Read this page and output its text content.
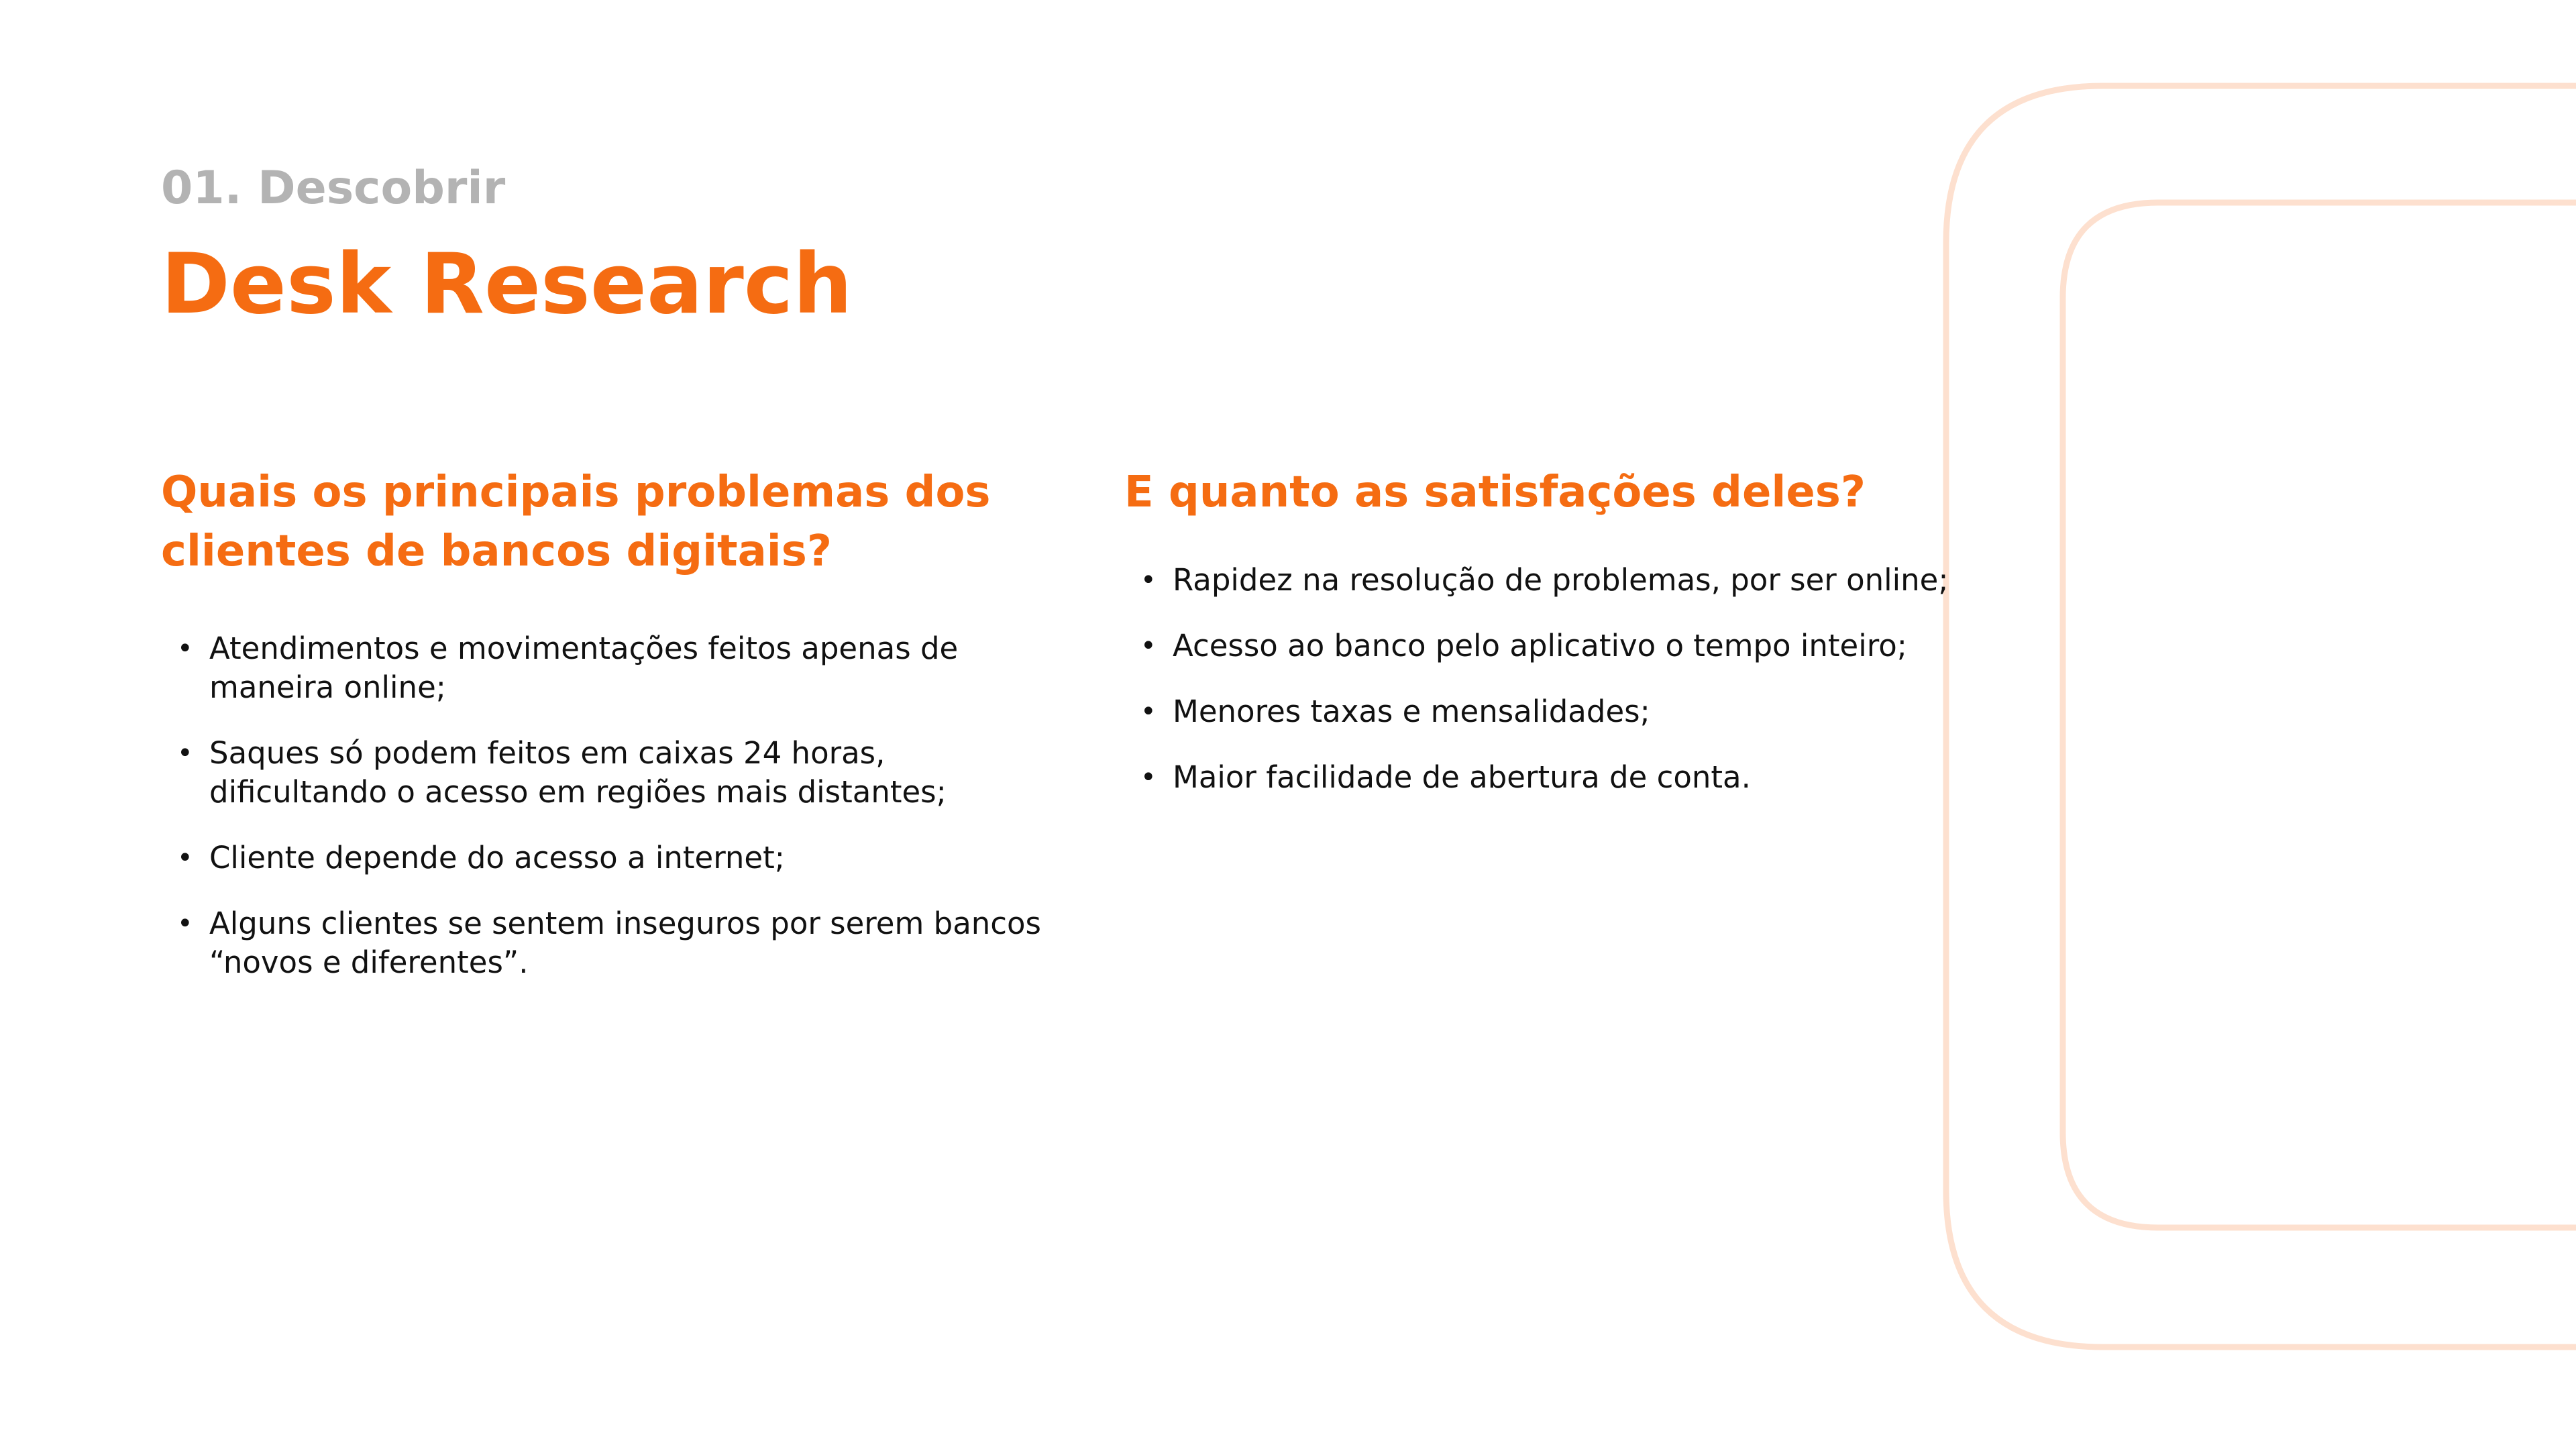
01. Descobrir
Desk Research
Quais os principais problemas dos clientes de bancos digitais?
• Atendimentos e movimentações feitos apenas de maneira online;
• Saques só podem feitos em caixas 24 horas, dificultando o acesso em regiões mais distantes;
• Cliente depende do acesso a internet;
• Alguns clientes se sentem inseguros por serem bancos “novos e diferentes”.
E quanto as satisfações deles?
• Rapidez na resolução de problemas, por ser online;
• Acesso ao banco pelo aplicativo o tempo inteiro;
• Menores taxas e mensalidades;
• Maior facilidade de abertura de conta.
